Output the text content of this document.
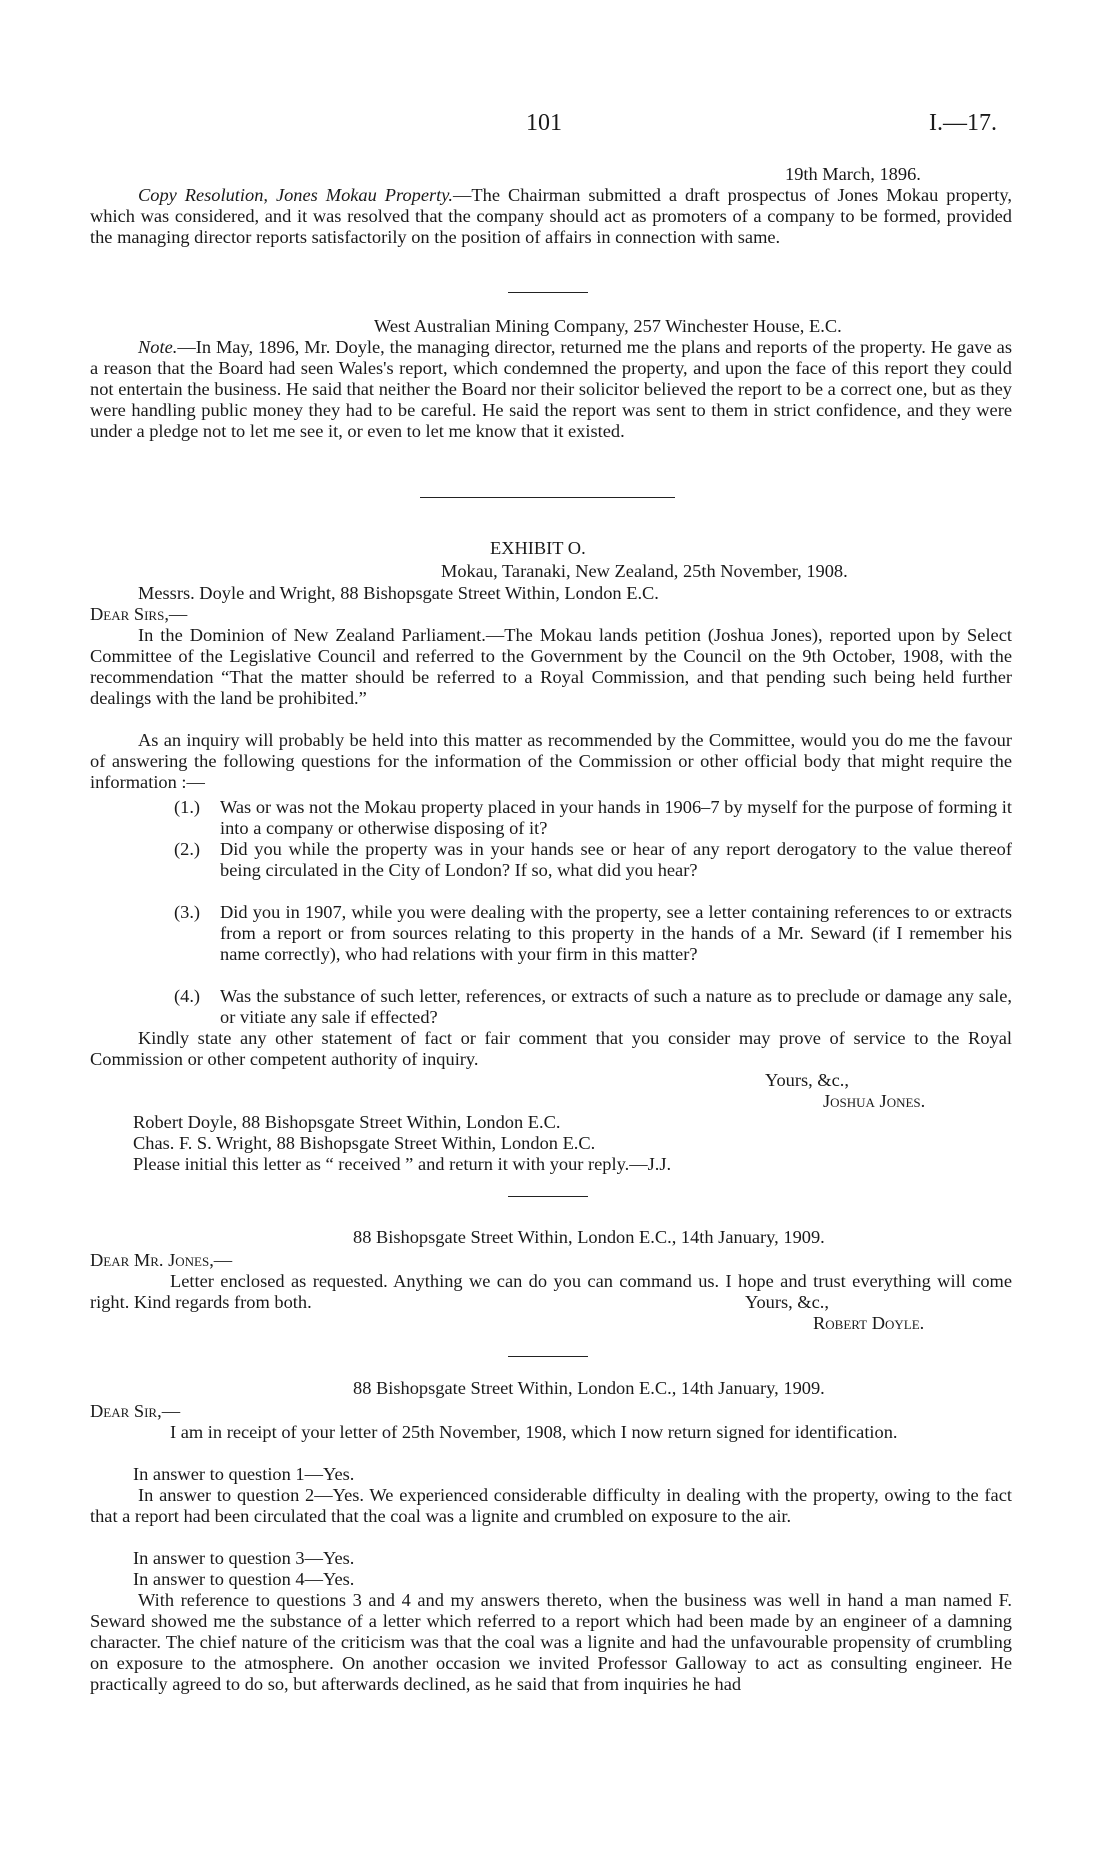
101	I.—17.
19th March, 1896.
Copy Resolution, Jones Mokau Property.—The Chairman submitted a draft prospectus of Jones Mokau property, which was considered, and it was resolved that the company should act as promoters of a company to be formed, provided the managing director reports satisfactorily on the position of affairs in connection with same.
West Australian Mining Company, 257 Winchester House, E.C.
Note.—In May, 1896, Mr. Doyle, the managing director, returned me the plans and reports of the property. He gave as a reason that the Board had seen Wales's report, which condemned the property, and upon the face of this report they could not entertain the business. He said that neither the Board nor their solicitor believed the report to be a correct one, but as they were handling public money they had to be careful. He said the report was sent to them in strict confidence, and they were under a pledge not to let me see it, or even to let me know that it existed.
EXHIBIT O.
Mokau, Taranaki, New Zealand, 25th November, 1908.
Messrs. Doyle and Wright, 88 Bishopsgate Street Within, London E.C.
Dear Sirs,—
In the Dominion of New Zealand Parliament.—The Mokau lands petition (Joshua Jones), reported upon by Select Committee of the Legislative Council and referred to the Government by the Council on the 9th October, 1908, with the recommendation “That the matter should be referred to a Royal Commission, and that pending such being held further dealings with the land be prohibited.”
As an inquiry will probably be held into this matter as recommended by the Committee, would you do me the favour of answering the following questions for the information of the Commission or other official body that might require the information :—
(1.) Was or was not the Mokau property placed in your hands in 1906–7 by myself for the purpose of forming it into a company or otherwise disposing of it?
(2.) Did you while the property was in your hands see or hear of any report derogatory to the value thereof being circulated in the City of London? If so, what did you hear?
(3.) Did you in 1907, while you were dealing with the property, see a letter containing references to or extracts from a report or from sources relating to this property in the hands of a Mr. Seward (if I remember his name correctly), who had relations with your firm in this matter?
(4.) Was the substance of such letter, references, or extracts of such a nature as to preclude or damage any sale, or vitiate any sale if effected?
Kindly state any other statement of fact or fair comment that you consider may prove of service to the Royal Commission or other competent authority of inquiry.
Yours, &c.,
Joshua Jones.
Robert Doyle, 88 Bishopsgate Street Within, London E.C.
Chas. F. S. Wright, 88 Bishopsgate Street Within, London E.C.
Please initial this letter as “ received ” and return it with your reply.—J.J.
88 Bishopsgate Street Within, London E.C., 14th January, 1909.
Dear Mr. Jones,—
Letter enclosed as requested. Anything we can do you can command us. I hope and trust everything will come right. Kind regards from both.	Yours, &c.,
Robert Doyle.
88 Bishopsgate Street Within, London E.C., 14th January, 1909.
Dear Sir,—
I am in receipt of your letter of 25th November, 1908, which I now return signed for identification.
In answer to question 1—Yes.
In answer to question 2—Yes. We experienced considerable difficulty in dealing with the property, owing to the fact that a report had been circulated that the coal was a lignite and crumbled on exposure to the air.
In answer to question 3—Yes.
In answer to question 4—Yes.
With reference to questions 3 and 4 and my answers thereto, when the business was well in hand a man named F. Seward showed me the substance of a letter which referred to a report which had been made by an engineer of a damning character. The chief nature of the criticism was that the coal was a lignite and had the unfavourable propensity of crumbling on exposure to the atmosphere. On another occasion we invited Professor Galloway to act as consulting engineer. He practically agreed to do so, but afterwards declined, as he said that from inquiries he had
